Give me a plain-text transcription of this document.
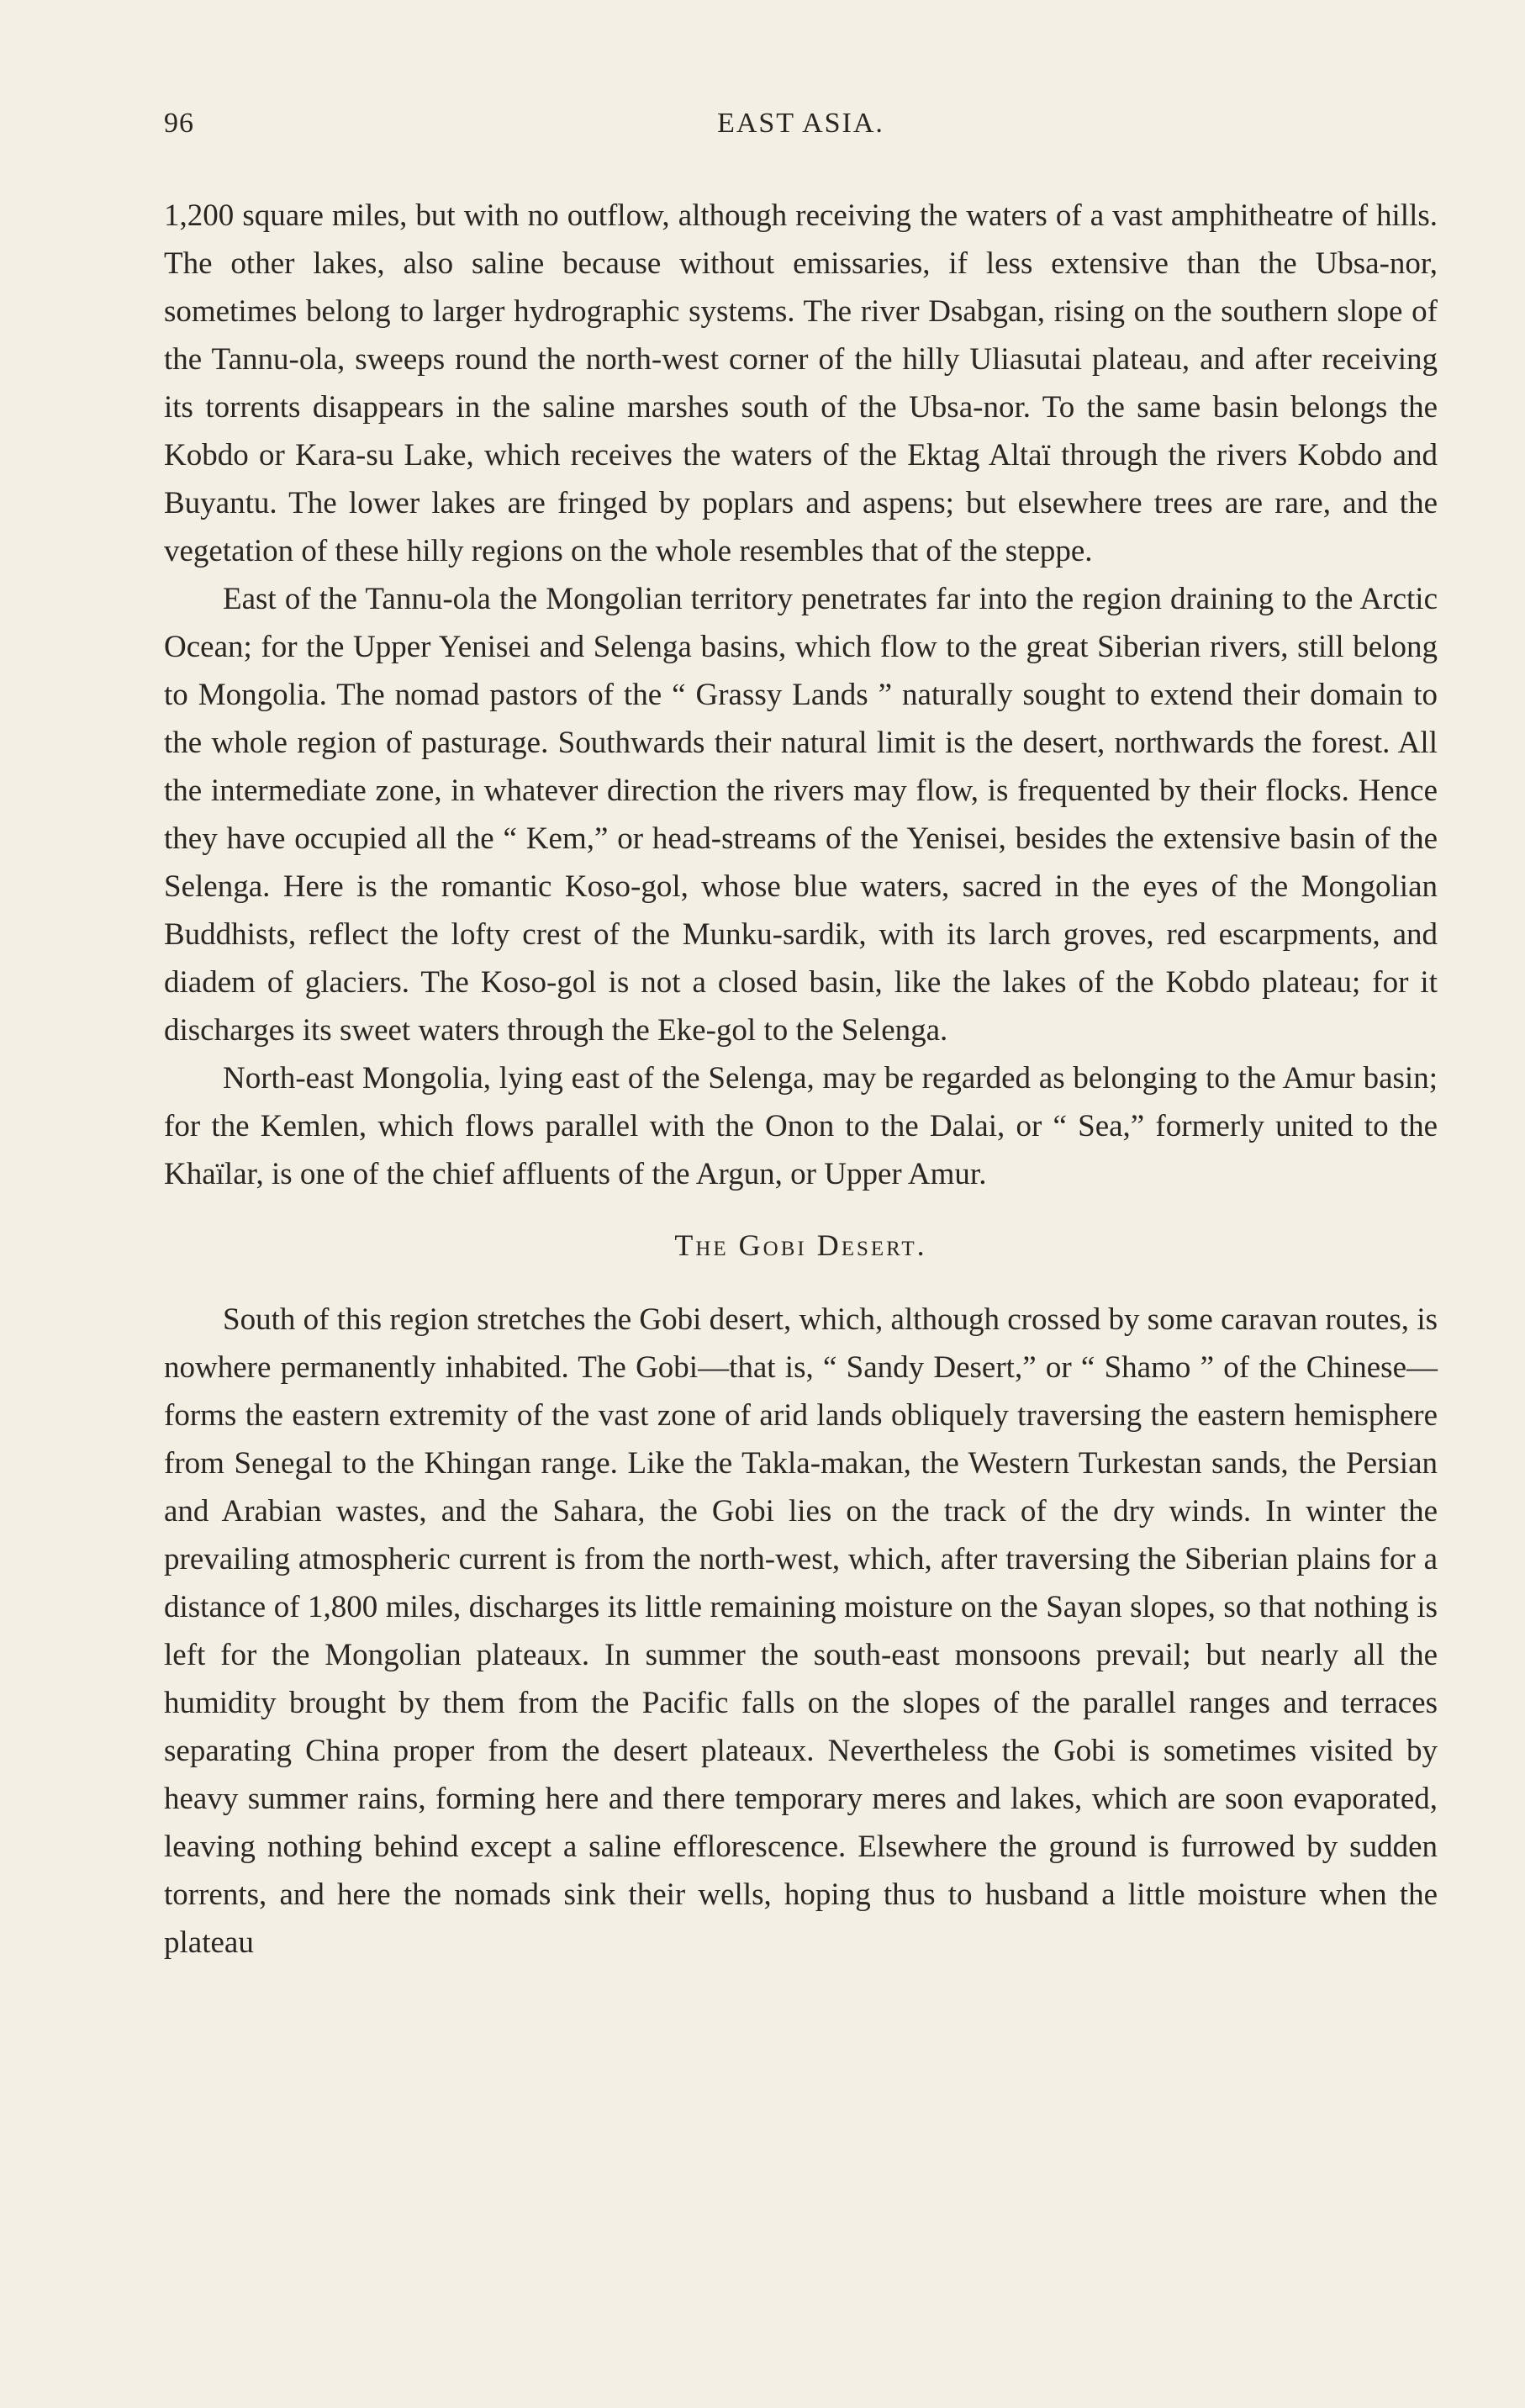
96	EAST ASIA.

1,200 square miles, but with no outflow, although receiving the waters of a vast amphitheatre of hills. The other lakes, also saline because without emissaries, if less extensive than the Ubsa-nor, sometimes belong to larger hydrographic systems. The river Dsabgan, rising on the southern slope of the Tannu-ola, sweeps round the north-west corner of the hilly Uliasutai plateau, and after receiving its torrents disappears in the saline marshes south of the Ubsa-nor. To the same basin belongs the Kobdo or Kara-su Lake, which receives the waters of the Ektag Altaï through the rivers Kobdo and Buyantu. The lower lakes are fringed by poplars and aspens; but elsewhere trees are rare, and the vegetation of these hilly regions on the whole resembles that of the steppe.

East of the Tannu-ola the Mongolian territory penetrates far into the region draining to the Arctic Ocean; for the Upper Yenisei and Selenga basins, which flow to the great Siberian rivers, still belong to Mongolia. The nomad pastors of the “ Grassy Lands ” naturally sought to extend their domain to the whole region of pasturage. Southwards their natural limit is the desert, northwards the forest. All the intermediate zone, in whatever direction the rivers may flow, is frequented by their flocks. Hence they have occupied all the “ Kem,” or head-streams of the Yenisei, besides the extensive basin of the Selenga. Here is the romantic Koso-gol, whose blue waters, sacred in the eyes of the Mongolian Buddhists, reflect the lofty crest of the Munku-sardik, with its larch groves, red escarpments, and diadem of glaciers. The Koso-gol is not a closed basin, like the lakes of the Kobdo plateau; for it discharges its sweet waters through the Eke-gol to the Selenga.

North-east Mongolia, lying east of the Selenga, may be regarded as belonging to the Amur basin; for the Kemlen, which flows parallel with the Onon to the Dalai, or “ Sea,” formerly united to the Khaïlar, is one of the chief affluents of the Argun, or Upper Amur.

The Gobi Desert.

South of this region stretches the Gobi desert, which, although crossed by some caravan routes, is nowhere permanently inhabited. The Gobi—that is, “ Sandy Desert,” or “ Shamo ” of the Chinese—forms the eastern extremity of the vast zone of arid lands obliquely traversing the eastern hemisphere from Senegal to the Khingan range. Like the Takla-makan, the Western Turkestan sands, the Persian and Arabian wastes, and the Sahara, the Gobi lies on the track of the dry winds. In winter the prevailing atmospheric current is from the north-west, which, after traversing the Siberian plains for a distance of 1,800 miles, discharges its little remaining moisture on the Sayan slopes, so that nothing is left for the Mongolian plateaux. In summer the south-east monsoons prevail; but nearly all the humidity brought by them from the Pacific falls on the slopes of the parallel ranges and terraces separating China proper from the desert plateaux. Nevertheless the Gobi is sometimes visited by heavy summer rains, forming here and there temporary meres and lakes, which are soon evaporated, leaving nothing behind except a saline efflorescence. Elsewhere the ground is furrowed by sudden torrents, and here the nomads sink their wells, hoping thus to husband a little moisture when the plateau
